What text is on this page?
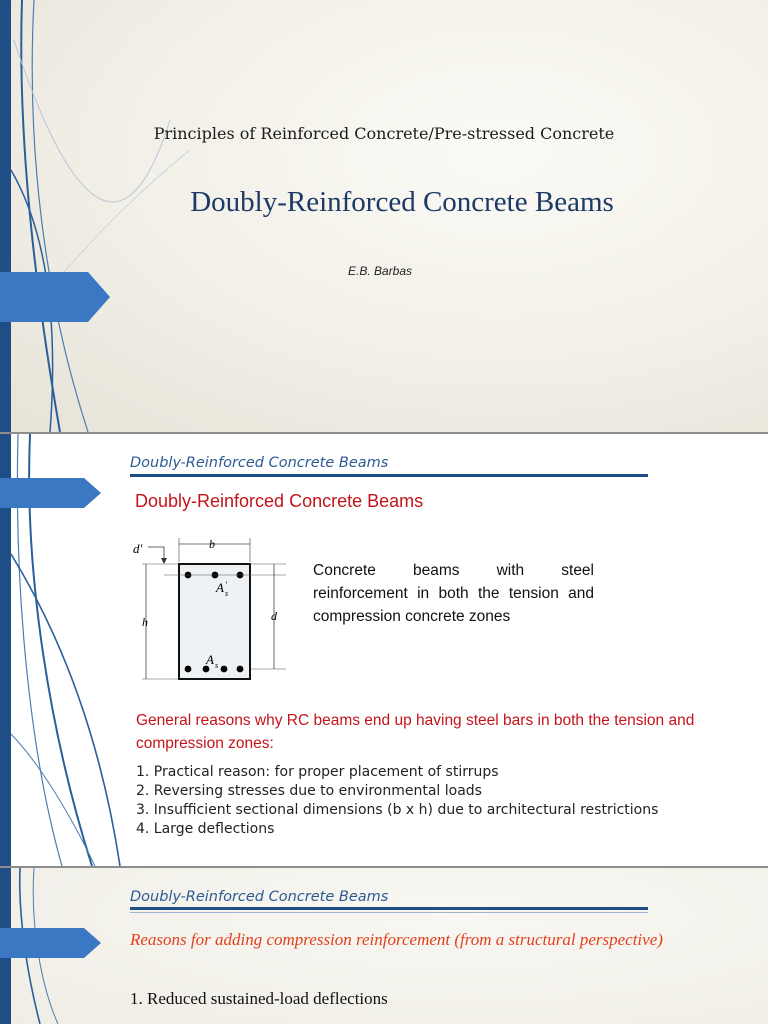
Principles of Reinforced Concrete/Pre-stressed Concrete
Doubly-Reinforced Concrete Beams
E.B. Barbas
Doubly-Reinforced Concrete Beams
Doubly-Reinforced Concrete Beams
b
h	d
d′
A ′
s
A s
Concrete beams with steel
reinforcement in both the tension and
compression concrete zones
General reasons why RC beams end up having steel bars in both the tension and compression zones:
1. Practical reason: for proper placement of stirrups
2. Reversing stresses due to environmental loads
3. Insufficient sectional dimensions (b x h) due to architectural restrictions
4. Large deflections
Doubly-Reinforced Concrete Beams
Reasons for adding compression reinforcement (from a structural perspective)
1. Reduced sustained-load deflections
